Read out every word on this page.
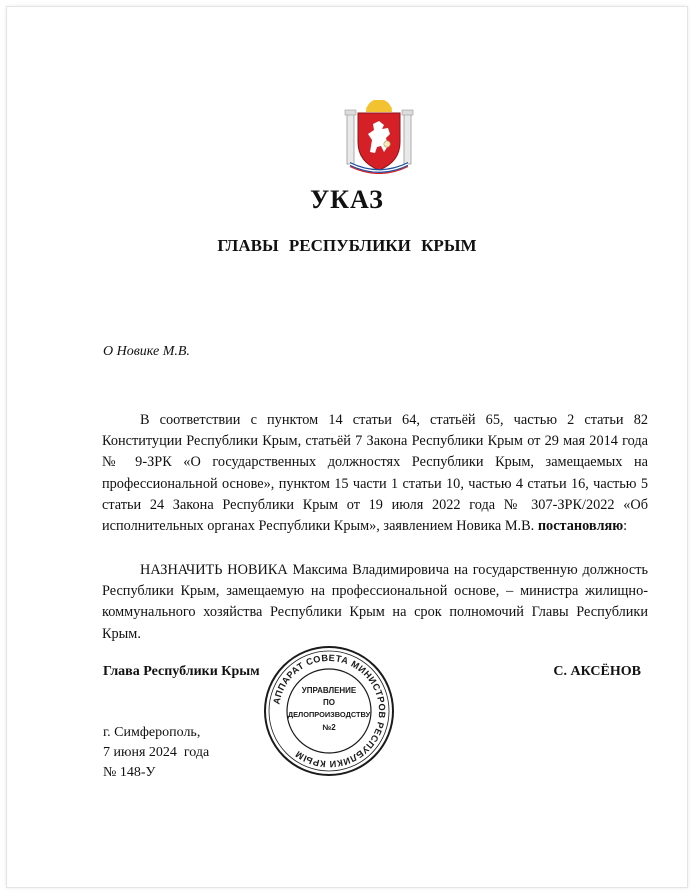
УКАЗ
ГЛАВЫ РЕСПУБЛИКИ КРЫМ
О Новике М.В.
В соответствии с пунктом 14 статьи 64, статьёй 65, частью 2 статьи 82 Конституции Республики Крым, статьёй 7 Закона Республики Крым от 29 мая 2014 года № 9-ЗРК «О государственных должностях Республики Крым, замещаемых на профессиональной основе», пунктом 15 части 1 статьи 10, частью 4 статьи 16, частью 5 статьи 24 Закона Республики Крым от 19 июля 2022 года № 307-ЗРК/2022 «Об исполнительных органах Республики Крым», заявлением Новика М.В. постановляю:
НАЗНАЧИТЬ НОВИКА Максима Владимировича на государственную должность Республики Крым, замещаемую на профессиональной основе, – министра жилищно-коммунального хозяйства Республики Крым на срок полномочий Главы Республики Крым.
Глава Республики Крым	С. АКСЁНОВ
г. Симферополь,
7 июня 2024  года
№ 148-У
АППАРАТ СОВЕТА МИНИСТРОВ РЕСПУБЛИКИ КРЫМ
УПРАВЛЕНИЕ
ПО
ДЕЛОПРОИЗВОДСТВУ
№2
